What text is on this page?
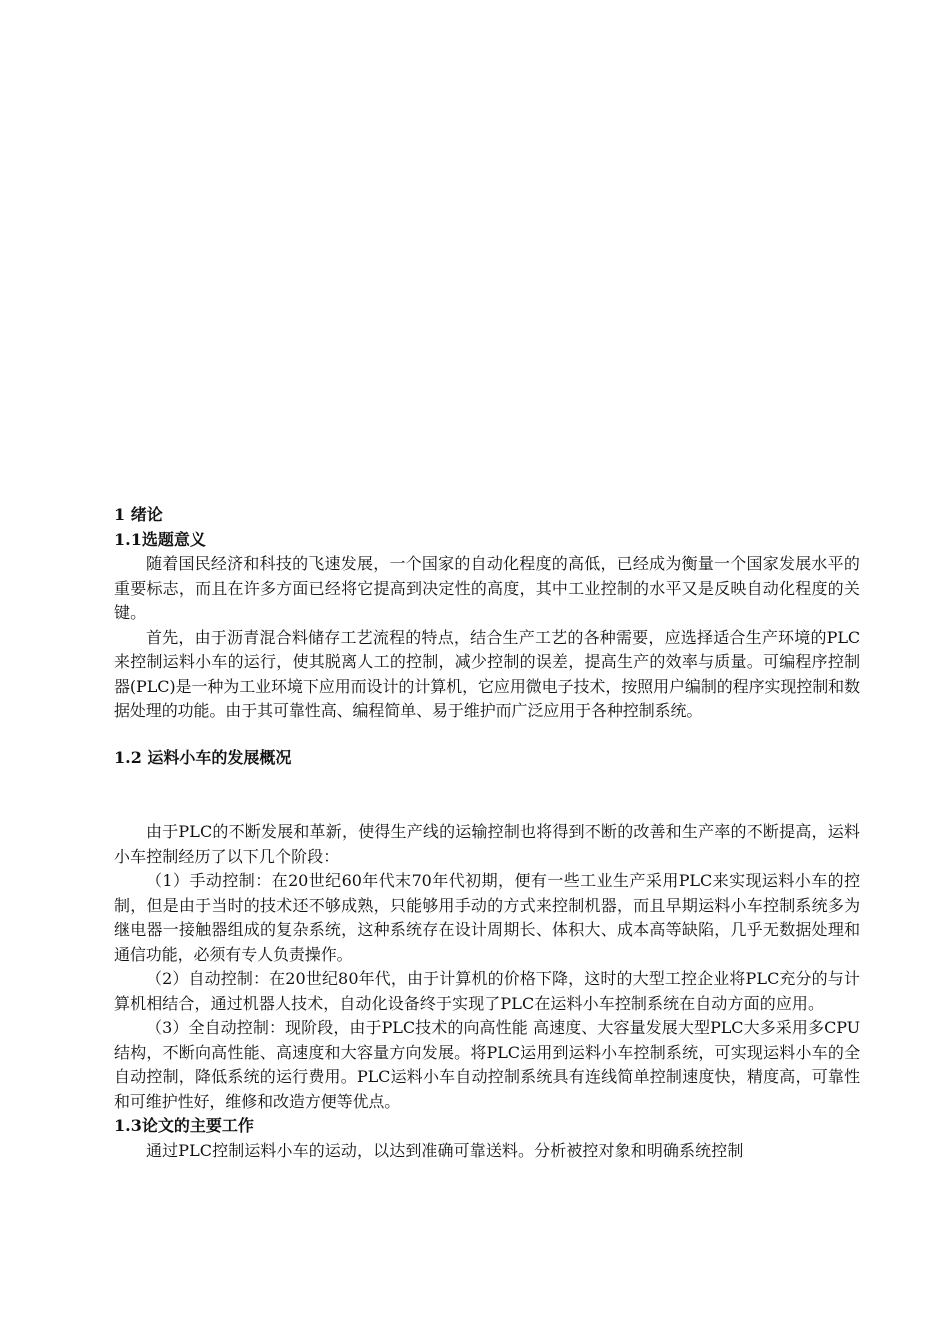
1 绪论
1.1选题意义

随着国民经济和科技的飞速发展，一个国家的自动化程度的高低，已经成为衡量一个国家发展水平的重要标志，而且在许多方面已经将它提高到决定性的高度，其中工业控制的水平又是反映自动化程度的关键。

首先，由于沥青混合料储存工艺流程的特点，结合生产工艺的各种需要，应选择适合生产环境的PLC来控制运料小车的运行，使其脱离人工的控制，减少控制的误差，提高生产的效率与质量。可编程序控制器(PLC)是一种为工业环境下应用而设计的计算机，它应用微电子技术，按照用户编制的程序实现控制和数据处理的功能。由于其可靠性高、编程简单、易于维护而广泛应用于各种控制系统。

1.2 运料小车的发展概况

由于PLC的不断发展和革新，使得生产线的运输控制也将得到不断的改善和生产率的不断提高，运料小车控制经历了以下几个阶段：

（1）手动控制：在20世纪60年代末70年代初期，便有一些工业生产采用PLC来实现运料小车的控制，但是由于当时的技术还不够成熟，只能够用手动的方式来控制机器，而且早期运料小车控制系统多为继电器一接触器组成的复杂系统，这种系统存在设计周期长、体积大、成本高等缺陷，几乎无数据处理和通信功能，必须有专人负责操作。

（2）自动控制：在20世纪80年代，由于计算机的价格下降，这时的大型工控企业将PLC充分的与计算机相结合，通过机器人技术，自动化设备终于实现了PLC在运料小车控制系统在自动方面的应用。

（3）全自动控制：现阶段，由于PLC技术的向高性能 高速度、大容量发展大型PLC大多采用多CPU结构，不断向高性能、高速度和大容量方向发展。将PLC运用到运料小车控制系统，可实现运料小车的全自动控制，降低系统的运行费用。PLC运料小车自动控制系统具有连线简单控制速度快，精度高，可靠性和可维护性好，维修和改造方便等优点。

1.3论文的主要工作

通过PLC控制运料小车的运动，以达到准确可靠送料。分析被控对象和明确系统控制
